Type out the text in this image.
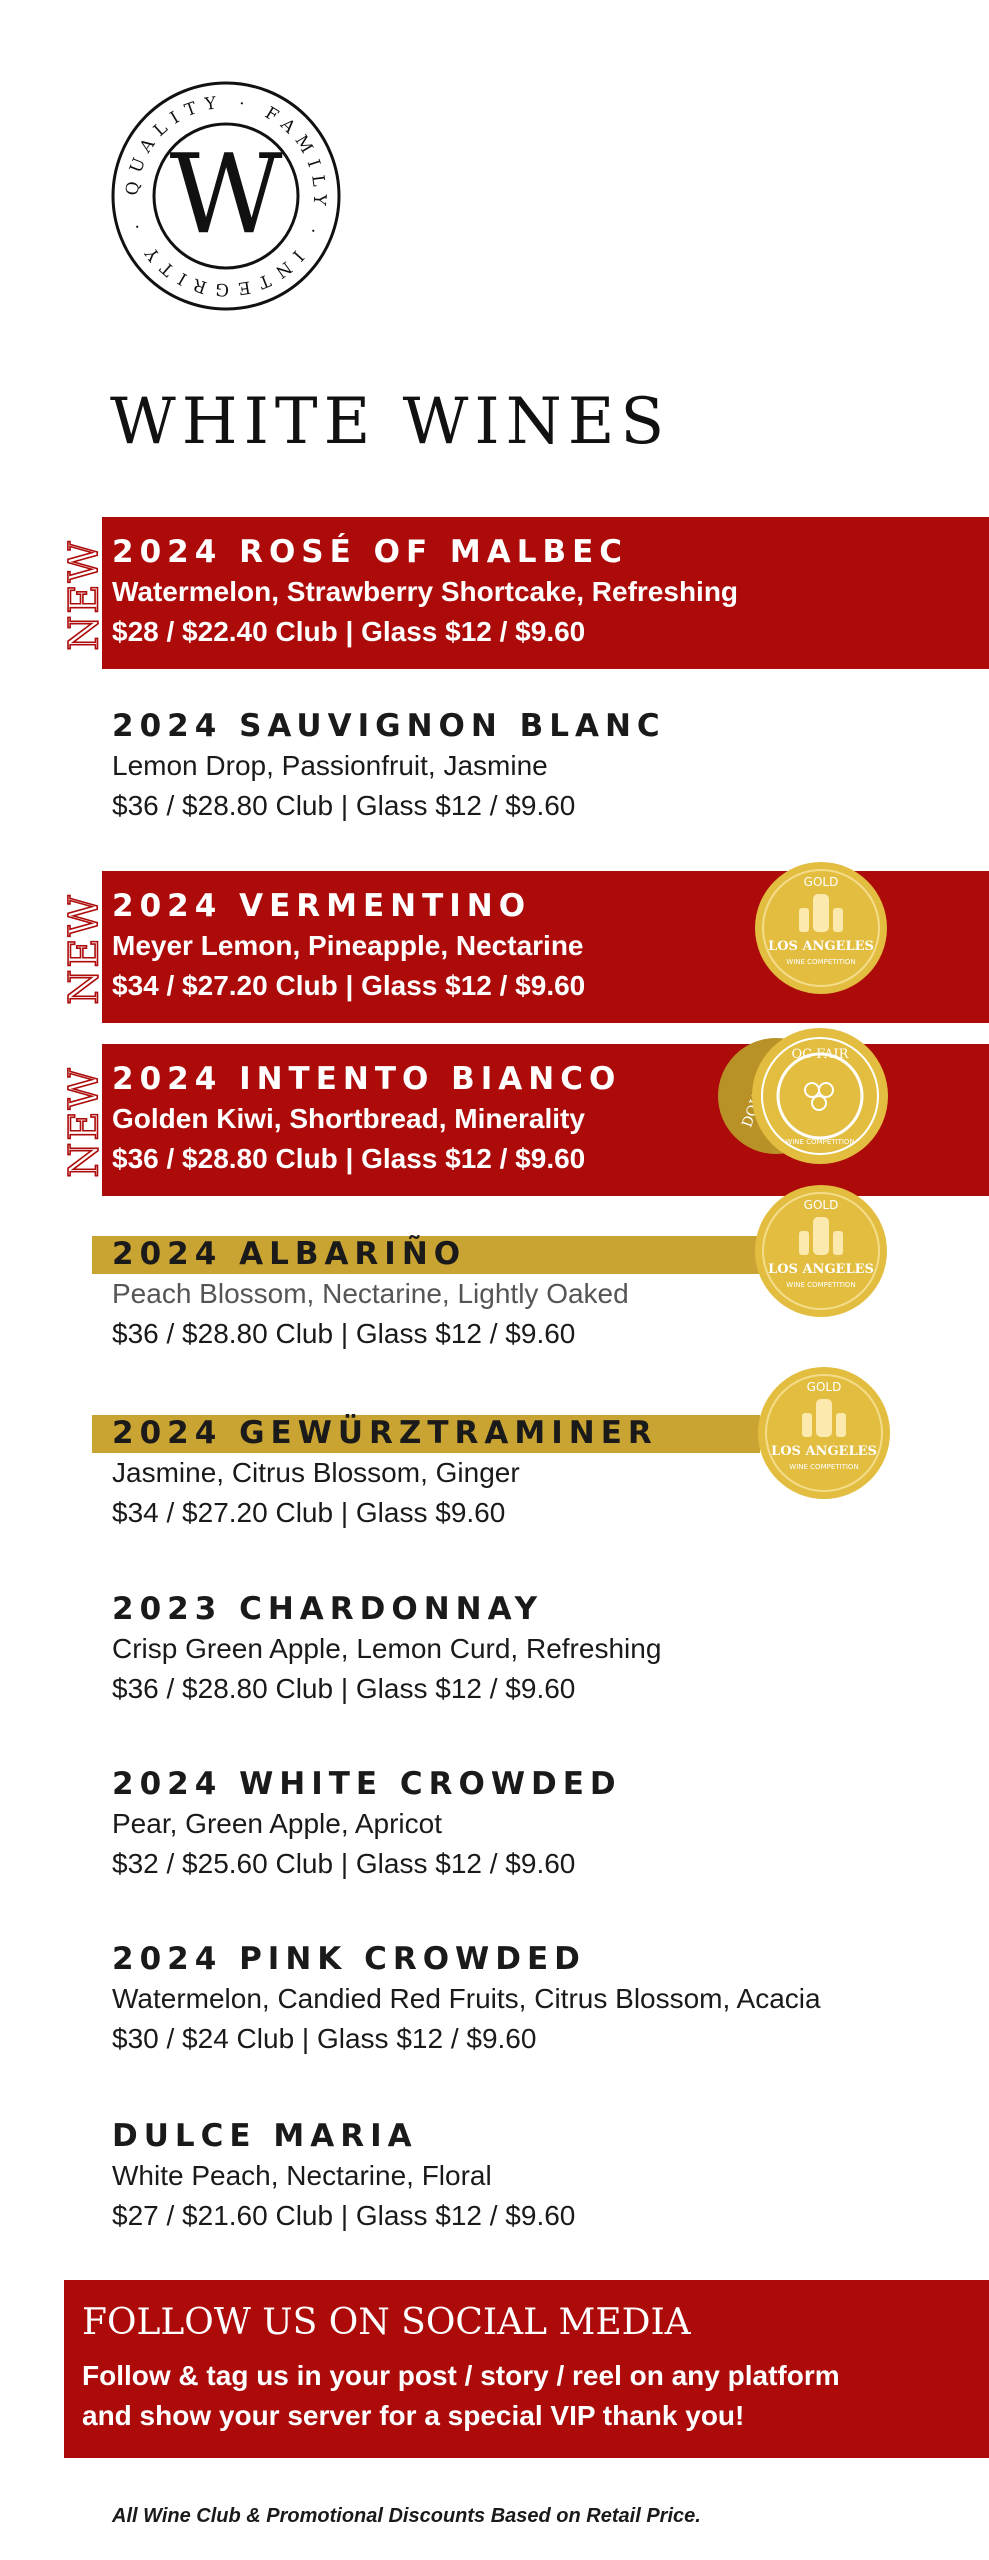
QUALITY · FAMILY · INTEGRITY · W
WHITE WINES
NEW 2024 ROSÉ OF MALBEC
Watermelon, Strawberry Shortcake, Refreshing
$28 / $22.40 Club | Glass $12 / $9.60
2024 SAUVIGNON BLANC
Lemon Drop, Passionfruit, Jasmine
$36 / $28.80 Club | Glass $12 / $9.60
NEW 2024 VERMENTINO
Meyer Lemon, Pineapple, Nectarine
$34 / $27.20 Club | Glass $12 / $9.60
NEW 2024 INTENTO BIANCO
Golden Kiwi, Shortbread, Minerality
$36 / $28.80 Club | Glass $12 / $9.60
2024 ALBARIÑO
Peach Blossom, Nectarine, Lightly Oaked
$36 / $28.80 Club | Glass $12 / $9.60
2024 GEWÜRZTRAMINER
Jasmine, Citrus Blossom, Ginger
$34 / $27.20 Club | Glass $9.60
2023 CHARDONNAY
Crisp Green Apple, Lemon Curd, Refreshing
$36 / $28.80 Club | Glass $12 / $9.60
2024 WHITE CROWDED
Pear, Green Apple, Apricot
$32 / $25.60 Club | Glass $12 / $9.60
2024 PINK CROWDED
Watermelon, Candied Red Fruits, Citrus Blossom, Acacia
$30 / $24 Club | Glass $12 / $9.60
DULCE MARIA
White Peach, Nectarine, Floral
$27 / $21.60 Club | Glass $12 / $9.60
GOLD
LOS ANGELES
WINE COMPETITION
OC FAIR
WINE COMPETITION
GOLD
LOS ANGELES
WINE COMPETITION
GOLD
LOS ANGELES
WINE COMPETITION
FOLLOW US ON SOCIAL MEDIA

Follow & tag us in your post / story / reel on any platform
and show your server for a special VIP thank you!

All Wine Club & Promotional Discounts Based on Retail Price.
